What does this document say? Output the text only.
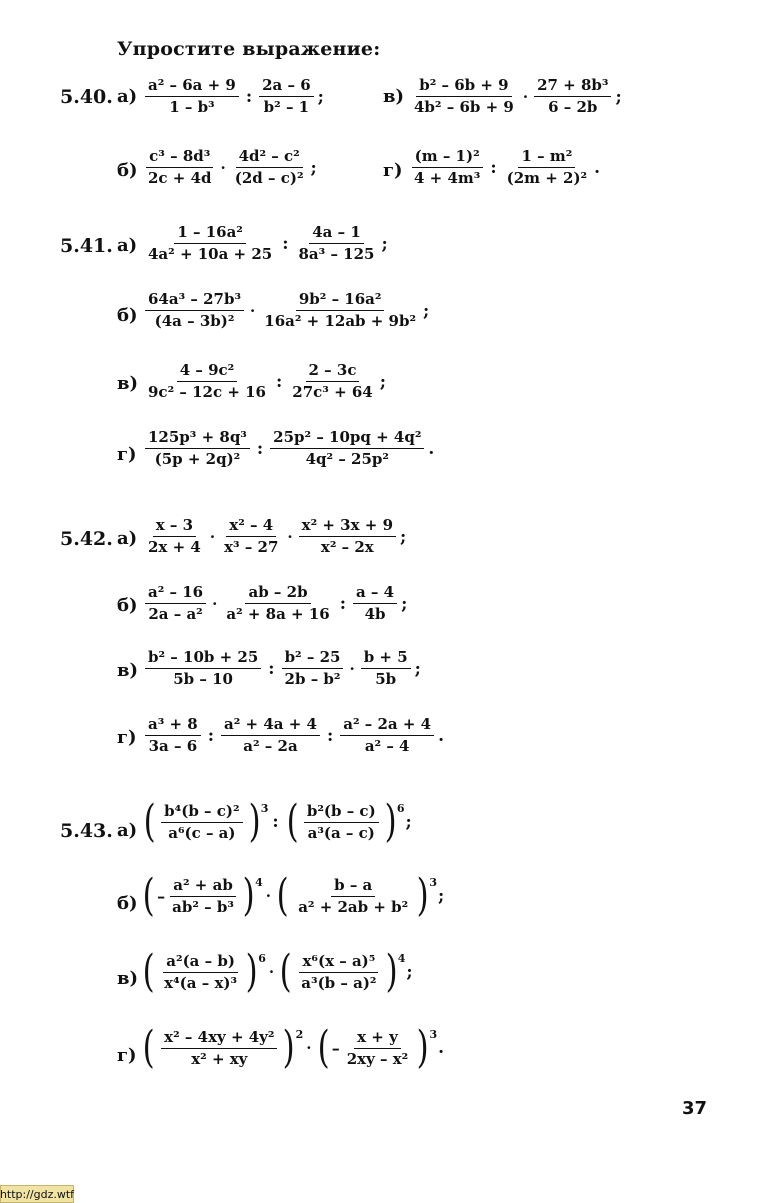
Упростите выражение:
5.40. $а) \frac{\text{a² – 6a + 9}}{\text{1 – b³}}$ : $\frac{2a - 6}{\text{b² – 1}}$ ;	$в) \frac{\text{b² – 6b + 9}}{\text{4b² – 6b + 9}} \cdot \frac{\text{27 + 8b³}}{6 - 2b}$ ;
$б) \frac{\text{c³ – 8d³}}{2c + 4d} \cdot \frac{\text{4d² – c²}}{\text{(2d – c)²}}$ ;	$г) \frac{\text{(m – 1)²}}{\text{4 + 4m³}}$ : $\frac{\text{1 – m²}}{\text{(2m + 2)²}}$ .
5.41. $а) \frac{\text{1 – 16a²}}{\text{4a² + 10a + 25}}$ : $\frac{4a - 1}{\text{8a³ – 125}}$ ;
$б) \frac{\text{64a³ – 27b³}}{\text{(4a – 3b)²}} \cdot \frac{\text{9b² – 16a²}}{\text{16a² + 12ab + 9b²}}$ ;
$в) \frac{\text{4 – 9c²}}{\text{9c² – 12c + 16}}$ : $\frac{2 - 3c}{\text{27c³ + 64}}$ ;
$г) \frac{\text{125p³ + 8q³}}{\text{(5p + 2q)²}}$ : $\frac{\text{25p² – 10pq + 4q²}}{\text{4q² – 25p²}}$ .
5.42. $а) \frac{x - 3}{2x + 4} \cdot \frac{\text{x² – 4}}{\text{x³ – 27}} \cdot \frac{\text{x² + 3x + 9}}{\text{x² – 2x}}$ ;
$б) \frac{\text{a² – 16}}{\text{2a – a²}} \cdot \frac{ab - 2b}{\text{a² + 8a + 16}}$ : $\frac{a - 4}{4b}$ ;
$в) \frac{\text{b² – 10b + 25}}{5b - 10}$ : $\frac{\text{b² – 25}}{\text{2b – b²}} \cdot \frac{b + 5}{5b}$ ;
$г) \frac{\text{a³ + 8}}{3a - 6}$ : $\frac{\text{a² + 4a + 4}}{\text{a² – 2a}}$ : $\frac{\text{a² – 2a + 4}}{\text{a² – 4}}$ .
5.43. а) ( $\frac{\text{b⁴(b – c)²}}{\text{a⁶(c – a)}}$ ) 3
: ( $\frac{\text{b²(b – c)}}{\text{a³(a – c)}}$ ) 6
;
б) ( – $\frac{\text{a² + ab}}{\text{ab² – b³}}$ ) 4
· ( $\frac{b - a}{\text{a² + 2ab + b²}}$ ) 3
;
в) ( $\frac{\text{a²(a – b)}}{\text{x⁴(a – x)³}}$ ) 6
· ( $\frac{\text{x⁶(x – a)⁵}}{\text{a³(b – a)²}}$ ) 4
;
г) ( $\frac{\text{x² – 4xy + 4y²}}{\text{x² + xy}}$ ) 2
· ( – $\frac{x + y}{\text{2xy – x²}}$ ) 3
.
37
http://gdz.wtf
